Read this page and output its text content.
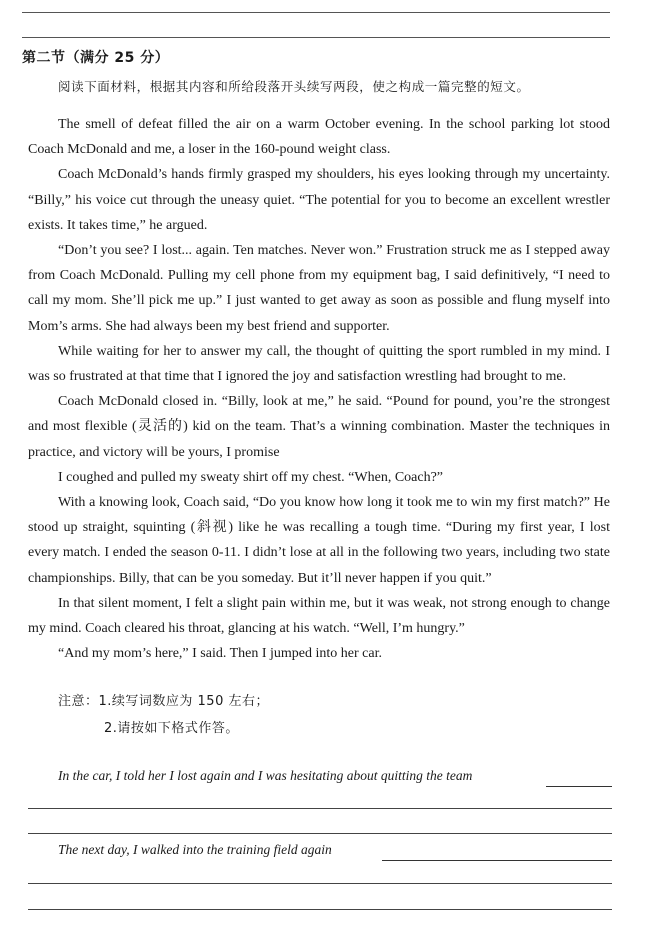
第二节（满分 25 分）
阅读下面材料，根据其内容和所给段落开头续写两段，使之构成一篇完整的短文。

The smell of defeat filled the air on a warm October evening. In the school parking lot stood Coach McDonald and me, a loser in the 160-pound weight class.

Coach McDonald’s hands firmly grasped my shoulders, his eyes looking through my uncertainty. “Billy,” his voice cut through the uneasy quiet. “The potential for you to become an excellent wrestler exists. It takes time,” he argued.

“Don’t you see? I lost... again. Ten matches. Never won.” Frustration struck me as I stepped away from Coach McDonald. Pulling my cell phone from my equipment bag, I said definitively, “I need to call my mom. She’ll pick me up.” I just wanted to get away as soon as possible and flung myself into Mom’s arms. She had always been my best friend and supporter.

While waiting for her to answer my call, the thought of quitting the sport rumbled in my mind. I was so frustrated at that time that I ignored the joy and satisfaction wrestling had brought to me.

Coach McDonald closed in. “Billy, look at me,” he said. “Pound for pound, you’re the strongest and most flexible (灵活的) kid on the team. That’s a winning combination. Master the techniques in practice, and victory will be yours, I promise

I coughed and pulled my sweaty shirt off my chest. “When, Coach?”

With a knowing look, Coach said, “Do you know how long it took me to win my first match?” He stood up straight, squinting (斜视) like he was recalling a tough time. “During my first year, I lost every match. I ended the season 0-11. I didn’t lose at all in the following two years, including two state championships. Billy, that can be you someday. But it’ll never happen if you quit.”

In that silent moment, I felt a slight pain within me, but it was weak, not strong enough to change my mind. Coach cleared his throat, glancing at his watch. “Well, I’m hungry.”

“And my mom’s here,” I said. Then I jumped into her car.

注意：1.续写词数应为 150 左右；
2.请按如下格式作答。
In the car, I told her I lost again and I was hesitating about quitting the team
The next day, I walked into the training field again
